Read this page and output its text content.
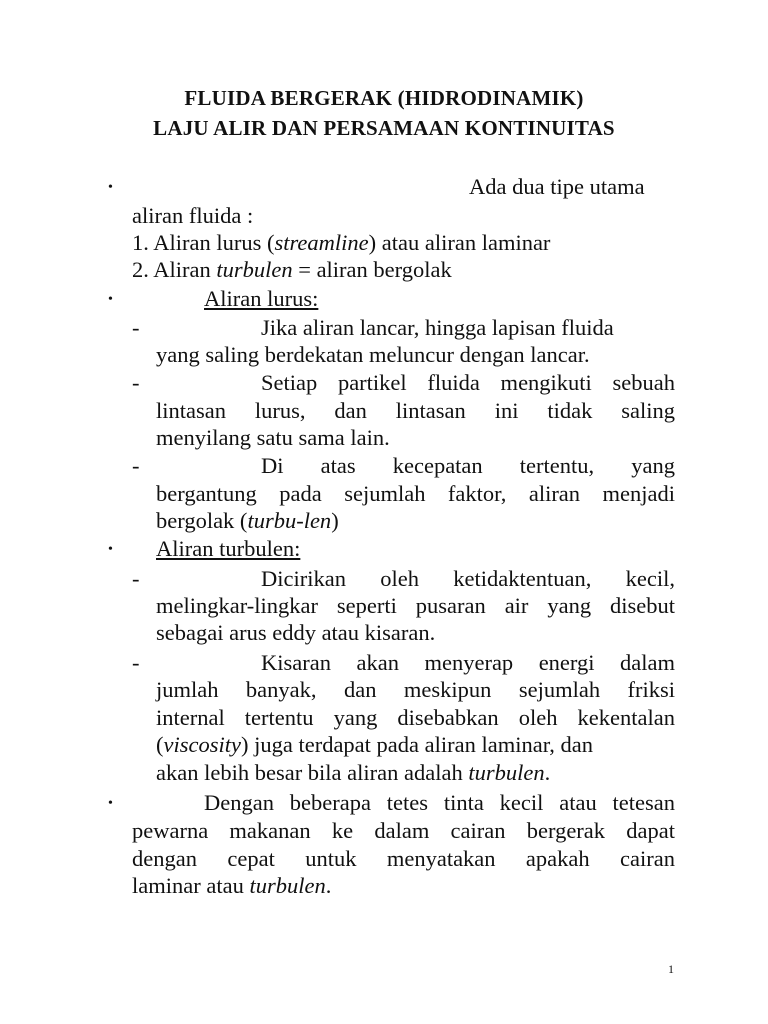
FLUIDA BERGERAK (HIDRODINAMIK)
LAJU ALIR DAN PERSAMAAN KONTINUITAS
•	Ada dua tipe utama
aliran fluida :
1. Aliran lurus (streamline) atau aliran laminar
2. Aliran turbulen = aliran bergolak
•	Aliran lurus:
-	Jika aliran lancar, hingga lapisan fluida
yang saling berdekatan meluncur dengan lancar.
-	Setiap partikel fluida mengikuti sebuah
lintasan lurus, dan lintasan ini tidak saling
menyilang satu sama lain.
-	Di atas kecepatan tertentu, yang
bergantung pada sejumlah faktor, aliran menjadi
bergolak (turbu-len)
• Aliran turbulen:
-	Dicirikan oleh ketidaktentuan, kecil,
melingkar-lingkar seperti pusaran air yang disebut
sebagai arus eddy atau kisaran.
-	Kisaran akan menyerap energi dalam
jumlah banyak, dan meskipun sejumlah friksi
internal tertentu yang disebabkan oleh kekentalan
(viscosity) juga terdapat pada aliran laminar, dan
akan lebih besar bila aliran adalah turbulen.
•	Dengan beberapa tetes tinta kecil atau tetesan
pewarna makanan ke dalam cairan bergerak dapat
dengan cepat untuk menyatakan apakah cairan
laminar atau turbulen.
1
